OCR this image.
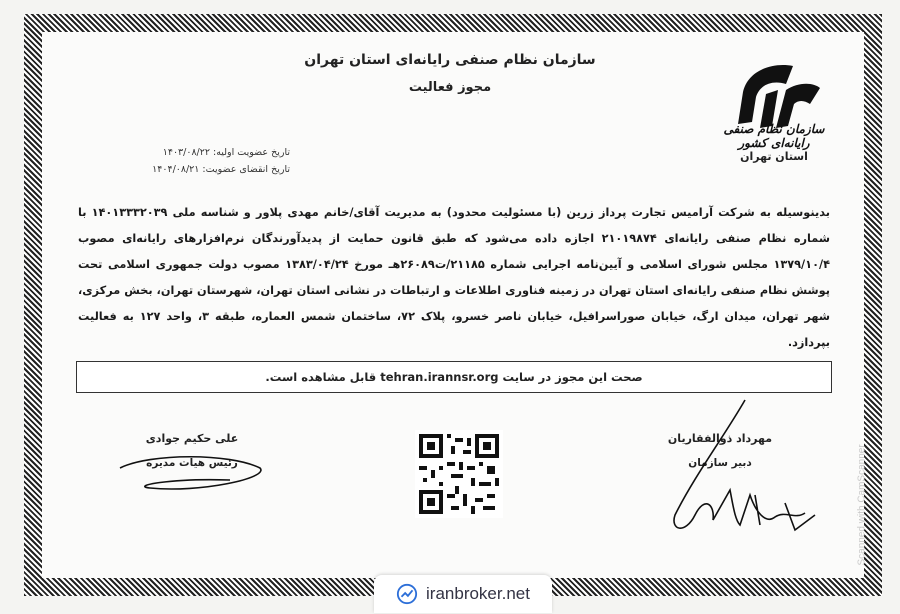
سازمان نظام صنفی رایانه‌ای استان تهران
مجوز فعالیت
سازمان نظام صنفی رایانه‌ای کشور
استان تهران
تاریخ عضویت اولیه: ۱۴۰۳/۰۸/۲۲
تاریخ انقضای عضویت: ۱۴۰۴/۰۸/۲۱
بدینوسیله به شرکت آرامیس تجارت پرداز زرین (با مسئولیت محدود) به مدیریت آقای/خانم مهدی پلاور و شناسه ملی ۱۴۰۱۳۳۳۲۰۳۹ با شماره نظام صنفی رایانه‌ای ۲۱۰۱۹۸۷۴ اجازه داده می‌شود که طبق قانون حمایت از پدیدآورندگان نرم‌افزارهای رایانه‌ای مصوب ۱۳۷۹/۱۰/۴ مجلس شورای اسلامی و آیین‌نامه اجرایی شماره ۲۱۱۸۵/ت۲۶۰۸۹هـ مورخ ۱۳۸۳/۰۴/۲۴ مصوب دولت جمهوری اسلامی تحت پوشش نظام صنفی رایانه‌ای استان تهران در زمینه فناوری اطلاعات و ارتباطات در نشانی استان تهران، شهرستان تهران، بخش مرکزی، شهر تهران، میدان ارگ، خیابان صوراسرافیل، خیابان ناصر خسرو، پلاک ۷۲، ساختمان شمس العماره، طبقه ۳، واحد ۱۲۷ به فعالیت بپردازد.
صحت این مجوز در سایت

tehran.irannsr.org

قابل مشاهده است.
علی حکیم جوادی
رئیس هیات مدیره
مهرداد ذوالفقاریان
دبیر سازمان	Scanned with CamScanner
iranbroker.net
